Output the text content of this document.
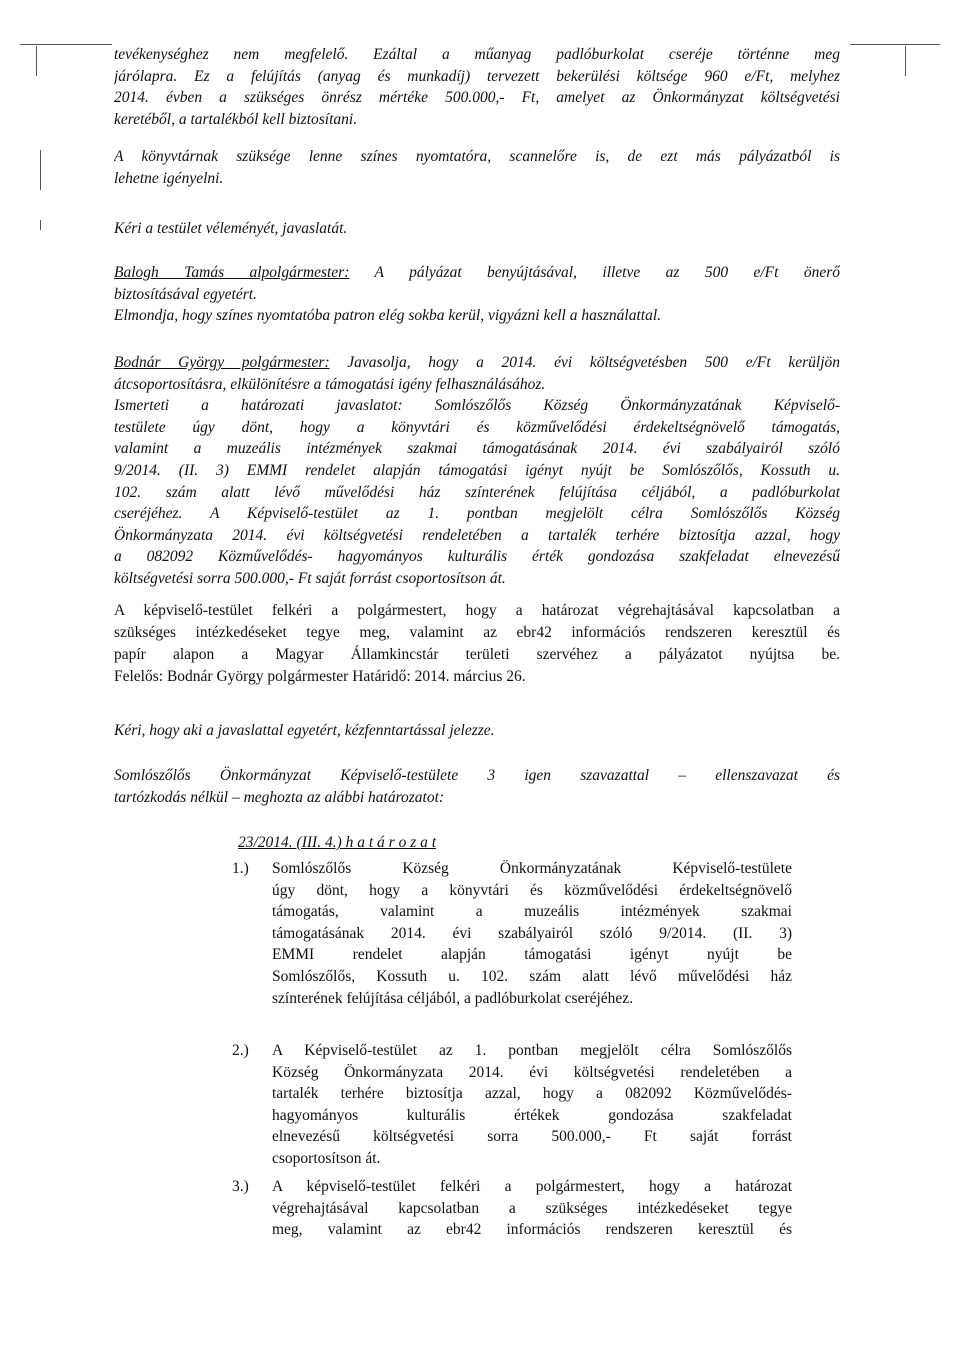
tevékenységhez nem megfelelő. Ezáltal a műanyag padlóburkolat cseréje történne meg
járólapra. Ez a felújítás (anyag és munkadíj) tervezett bekerülési költsége 960 e/Ft, melyhez
2014. évben a szükséges önrész mértéke 500.000,- Ft, amelyet az Önkormányzat költségvetési
keretéből, a tartalékból kell biztosítani.
A könyvtárnak szüksége lenne színes nyomtatóra, scannelőre is, de ezt más pályázatból is
lehetne igényelni.
Kéri a testület véleményét, javaslatát.
Balogh Tamás alpolgármester: A pályázat benyújtásával, illetve az 500 e/Ft önerő
biztosításával egyetért.
Elmondja, hogy színes nyomtatóba patron elég sokba kerül, vigyázni kell a használattal.
Bodnár György polgármester: Javasolja, hogy a 2014. évi költségvetésben 500 e/Ft kerüljön
átcsoportosításra, elkülönítésre a támogatási igény felhasználásához.
Ismerteti a határozati javaslatot: Somlószőlős Község Önkormányzatának Képviselő-
testülete úgy dönt, hogy a könyvtári és közművelődési érdekeltségnövelő támogatás,
valamint a muzeális intézmények szakmai támogatásának 2014. évi szabályairól szóló
9/2014. (II. 3) EMMI rendelet alapján támogatási igényt nyújt be Somlószőlős, Kossuth u.
102. szám alatt lévő művelődési ház színterének felújítása céljából, a padlóburkolat
cseréjéhez. A Képviselő-testület az 1. pontban megjelölt célra Somlószőlős Község
Önkormányzata 2014. évi költségvetési rendeletében a tartalék terhére biztosítja azzal, hogy
a 082092 Közművelődés- hagyományos kulturális érték gondozása szakfeladat elnevezésű
költségvetési sorra 500.000,- Ft saját forrást csoportosítson át.
A képviselő-testület felkéri a polgármestert, hogy a határozat végrehajtásával kapcsolatban a
szükséges intézkedéseket tegye meg, valamint az ebr42 információs rendszeren keresztül és
papír alapon a Magyar Államkincstár területi szervéhez a pályázatot nyújtsa be.
Felelős: Bodnár György polgármester Határidő: 2014. március 26.
Kéri, hogy aki a javaslattal egyetért, kézfenntartással jelezze.
Somlószőlős Önkormányzat Képviselő-testülete 3 igen szavazattal – ellenszavazat és
tartózkodás nélkül – meghozta az alábbi határozatot:
23/2014. (III. 4.) h a t á r o z a t
1.) Somlószőlős Község Önkormányzatának Képviselő-testülete
úgy dönt, hogy a könyvtári és közművelődési érdekeltségnövelő
támogatás, valamint a muzeális intézmények szakmai
támogatásának 2014. évi szabályairól szóló 9/2014. (II. 3)
EMMI rendelet alapján támogatási igényt nyújt be
Somlószőlős, Kossuth u. 102. szám alatt lévő művelődési ház
színterének felújítása céljából, a padlóburkolat cseréjéhez.
2.) A Képviselő-testület az 1. pontban megjelölt célra Somlószőlős
Község Önkormányzata 2014. évi költségvetési rendeletében a
tartalék terhére biztosítja azzal, hogy a 082092 Közművelődés-
hagyományos kulturális értékek gondozása szakfeladat
elnevezésű költségvetési sorra 500.000,- Ft saját forrást
csoportosítson át.
3.) A képviselő-testület felkéri a polgármestert, hogy a határozat
végrehajtásával kapcsolatban a szükséges intézkedéseket tegye
meg, valamint az ebr42 információs rendszeren keresztül és
